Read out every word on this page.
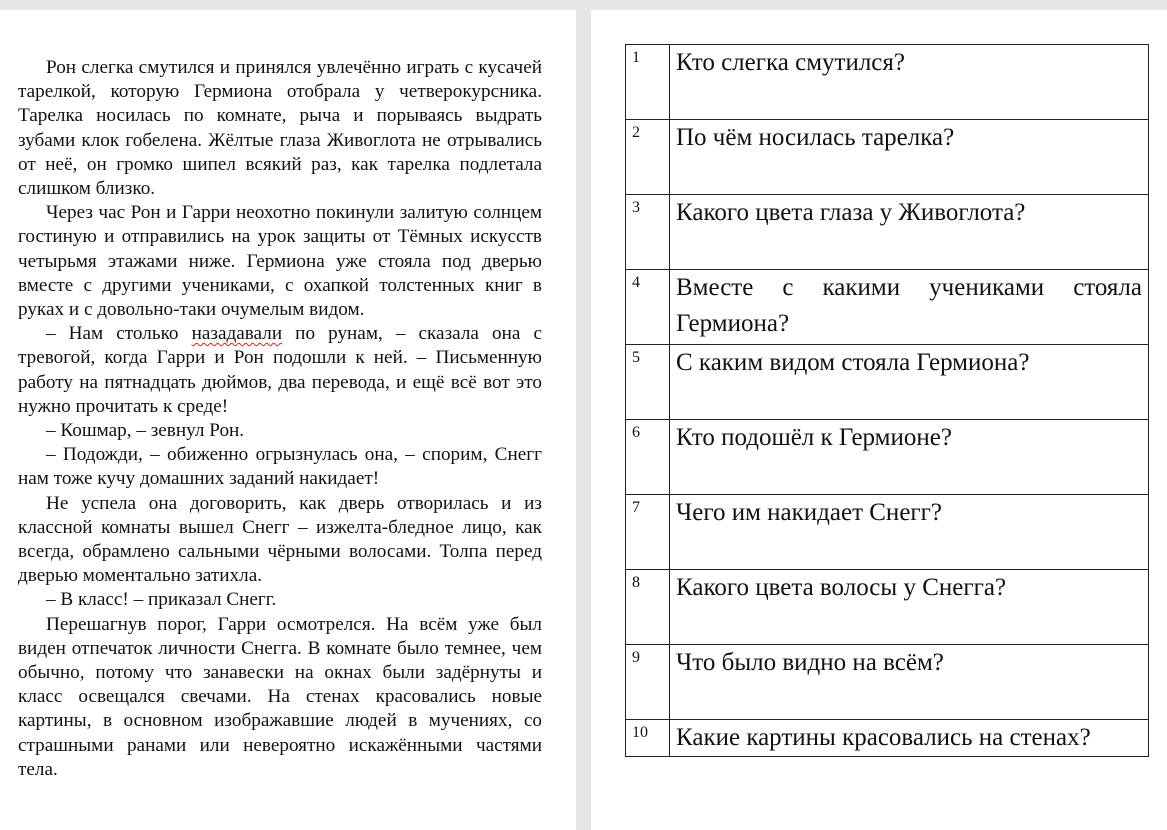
Рон слегка смутился и принялся увлечённо играть с кусачей тарелкой, которую Гермиона отобрала у четверокурсника. Тарелка носилась по комнате, рыча и порываясь выдрать зубами клок гобелена. Жёлтые глаза Живоглота не отрывались от неё, он громко шипел всякий раз, как тарелка подлетала слишком близко.

Через час Рон и Гарри неохотно покинули залитую солнцем гостиную и отправились на урок защиты от Тёмных искусств четырьмя этажами ниже. Гермиона уже стояла под дверью вместе с другими учениками, с охапкой толстенных книг в руках и с довольно-таки очумелым видом.

– Нам столько назадавали по рунам, – сказала она с тревогой, когда Гарри и Рон подошли к ней. – Письменную работу на пятнадцать дюймов, два перевода, и ещё всё вот это нужно прочитать к среде!

– Кошмар, – зевнул Рон.

– Подожди, – обиженно огрызнулась она, – спорим, Снегг нам тоже кучу домашних заданий накидает!

Не успела она договорить, как дверь отворилась и из классной комнаты вышел Снегг – изжелта-бледное лицо, как всегда, обрамлено сальными чёрными волосами. Толпа перед дверью моментально затихла.

– В класс! – приказал Снегг.

Перешагнув порог, Гарри осмотрелся. На всём уже был виден отпечаток личности Снегга. В комнате было темнее, чем обычно, потому что занавески на окнах были задёрнуты и класс освещался свечами. На стенах красовались новые картины, в основном изображавшие людей в мучениях, со страшными ранами или невероятно искажёнными частями тела.

1	Кто слегка смутился?
2	По чём носилась тарелка?
3	Какого цвета глаза у Живоглота?
4	Вместе с какими учениками стояла Гермиона?
5	С каким видом стояла Гермиона?
6	Кто подошёл к Гермионе?
7	Чего им накидает Снегг?
8	Какого цвета волосы у Снегга?
9	Что было видно на всём?
10	Какие картины красовались на стенах?
